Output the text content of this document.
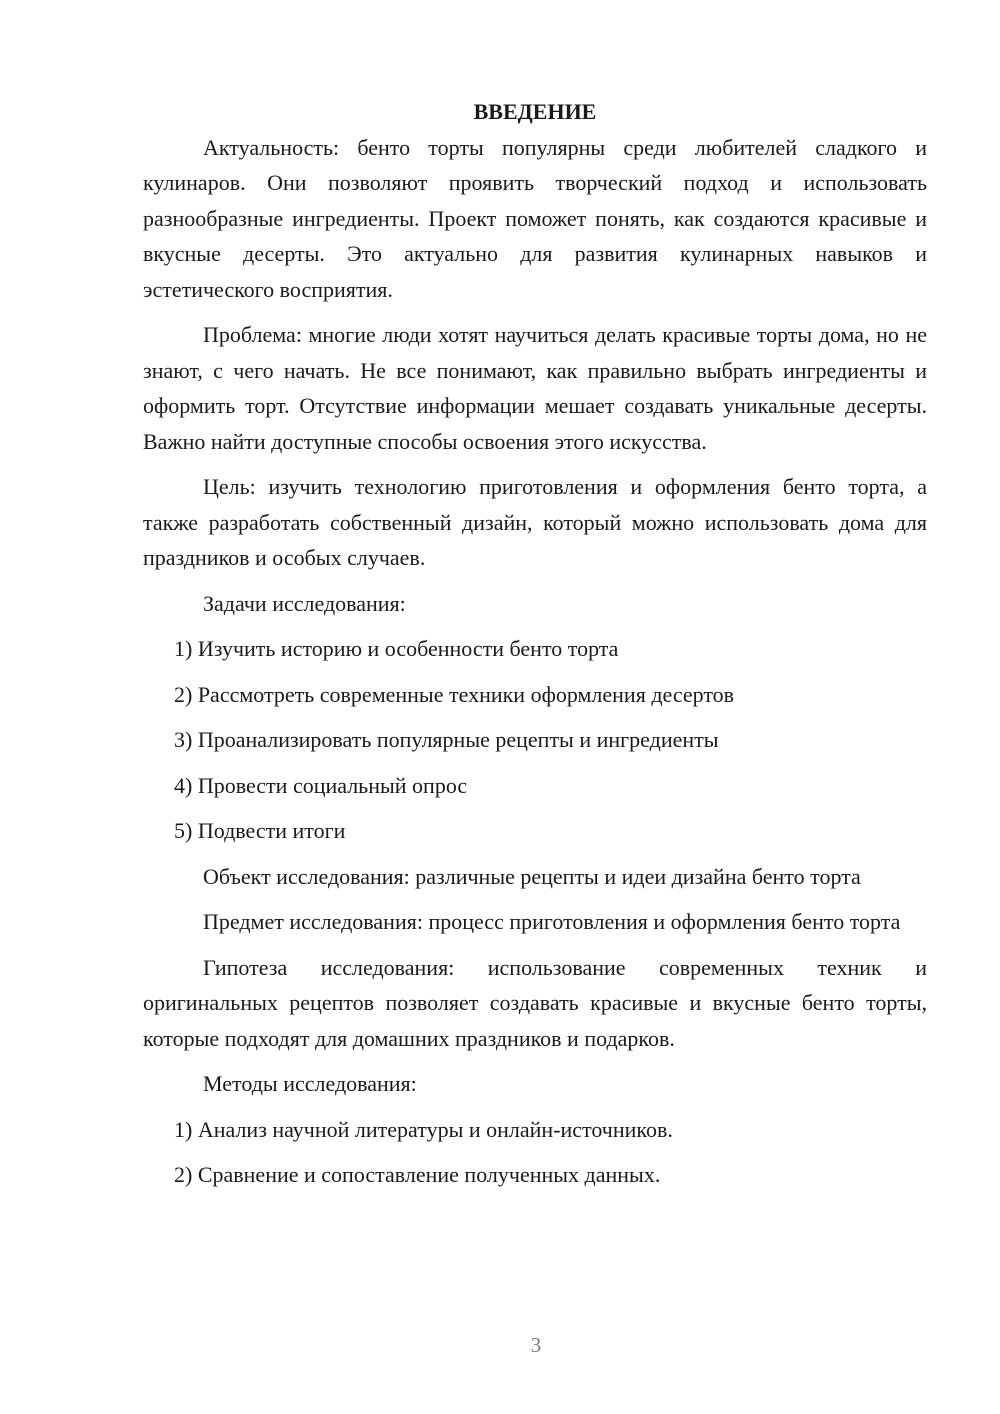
ВВЕДЕНИЕ

Актуальность: бенто торты популярны среди любителей сладкого и кулинаров. Они позволяют проявить творческий подход и использовать разнообразные ингредиенты. Проект поможет понять, как создаются красивые и вкусные десерты. Это актуально для развития кулинарных навыков и эстетического восприятия.

Проблема: многие люди хотят научиться делать красивые торты дома, но не знают, с чего начать. Не все понимают, как правильно выбрать ингредиенты и оформить торт. Отсутствие информации мешает создавать уникальные десерты. Важно найти доступные способы освоения этого искусства.

Цель: изучить технологию приготовления и оформления бенто торта, а также разработать собственный дизайн, который можно использовать дома для праздников и особых случаев.

Задачи исследования:

1) Изучить историю и особенности бенто торта

2) Рассмотреть современные техники оформления десертов

3) Проанализировать популярные рецепты и ингредиенты

4) Провести социальный опрос

5) Подвести итоги

Объект исследования: различные рецепты и идеи дизайна бенто торта

Предмет исследования: процесс приготовления и оформления бенто торта

Гипотеза исследования: использование современных техник и оригинальных рецептов позволяет создавать красивые и вкусные бенто торты, которые подходят для домашних праздников и подарков.

Методы исследования:

1) Анализ научной литературы и онлайн-источников.

2) Сравнение и сопоставление полученных данных.

3
